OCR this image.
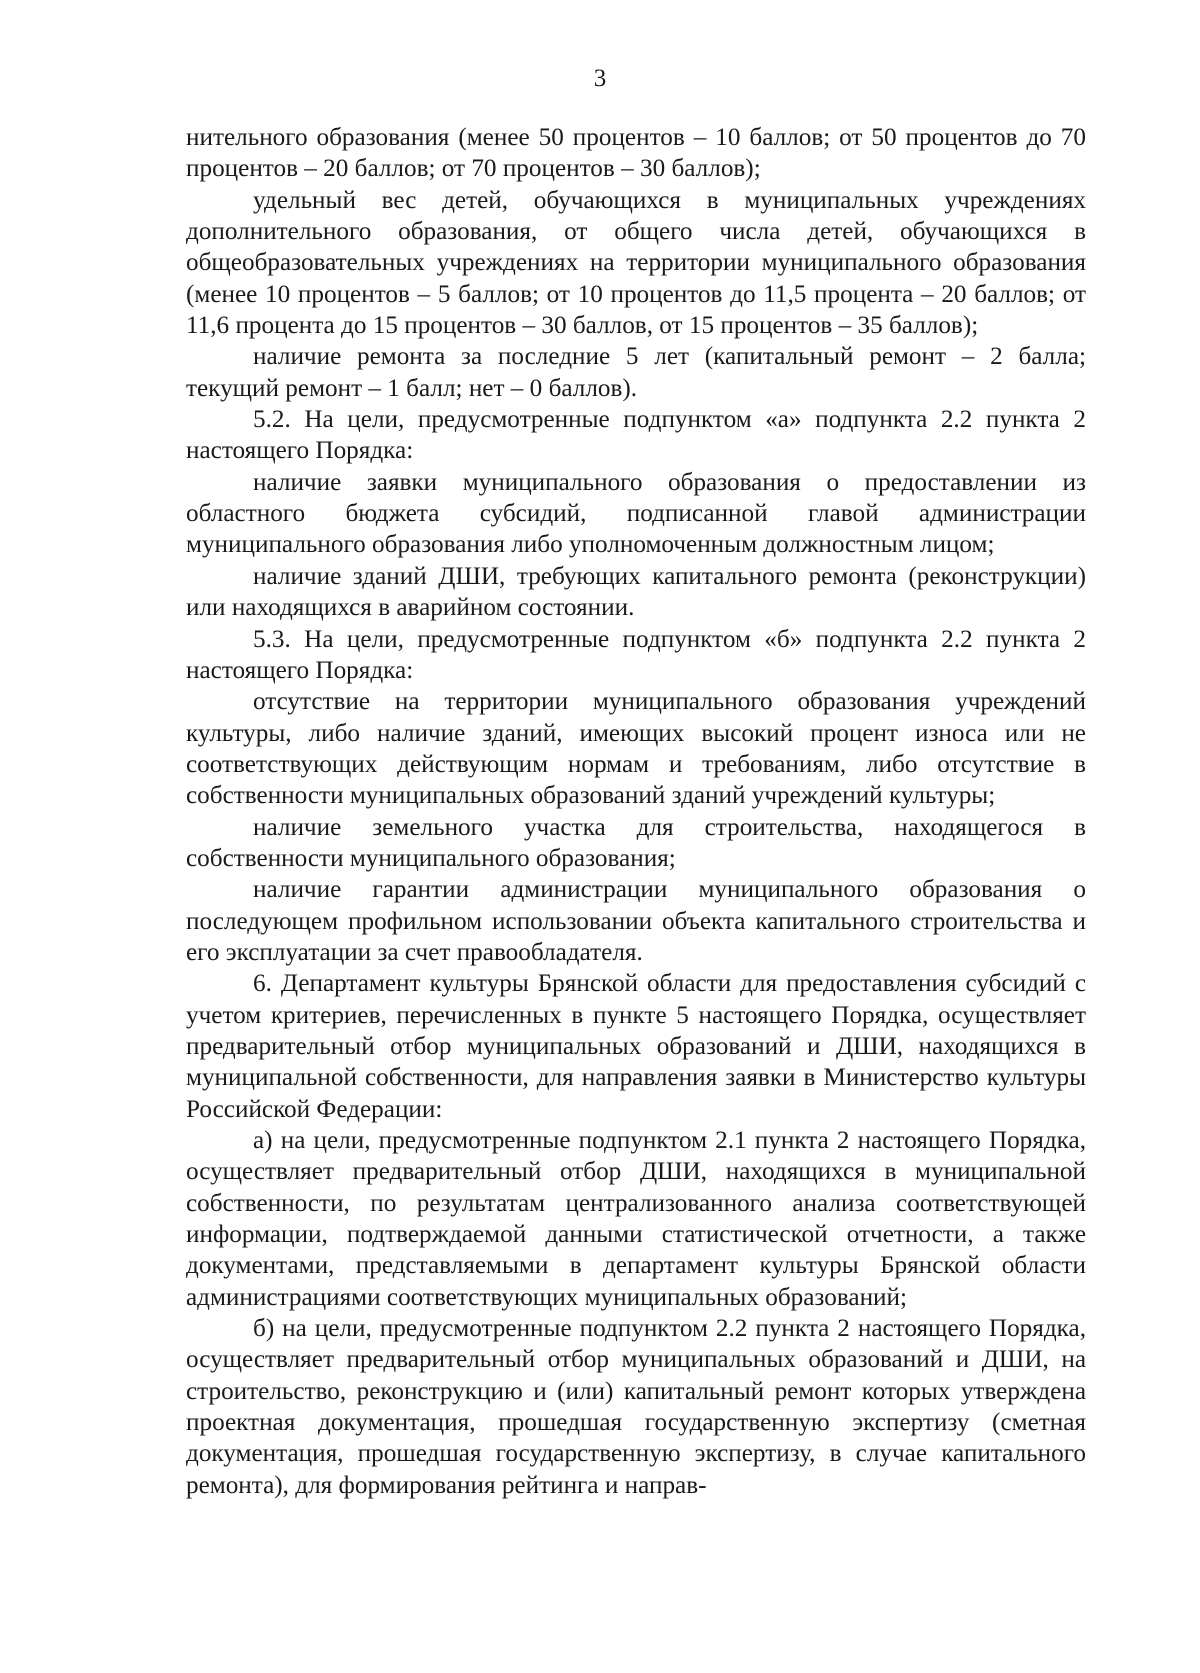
3

нительного образования (менее 50 процентов – 10 баллов; от 50 процентов до 70 процентов – 20 баллов; от 70 процентов – 30 баллов);

удельный вес детей, обучающихся в муниципальных учреждениях дополнительного образования, от общего числа детей, обучающихся в общеобразовательных учреждениях на территории муниципального образования (менее 10 процентов – 5 баллов; от 10 процентов до 11,5 процента – 20 баллов; от 11,6 процента до 15 процентов – 30 баллов, от 15 процентов – 35 баллов);

наличие ремонта за последние 5 лет (капитальный ремонт – 2 балла; текущий ремонт – 1 балл; нет – 0 баллов).

5.2. На цели, предусмотренные подпунктом «а» подпункта 2.2 пункта 2 настоящего Порядка:

наличие заявки муниципального образования о предоставлении из областного бюджета субсидий, подписанной главой администрации муниципального образования либо уполномоченным должностным лицом;

наличие зданий ДШИ, требующих капитального ремонта (реконструкции) или находящихся в аварийном состоянии.

5.3. На цели, предусмотренные подпунктом «б» подпункта 2.2 пункта 2 настоящего Порядка:

отсутствие на территории муниципального образования учреждений культуры, либо наличие зданий, имеющих высокий процент износа или не соответствующих действующим нормам и требованиям, либо отсутствие в собственности муниципальных образований зданий учреждений культуры;

наличие земельного участка для строительства, находящегося в собственности муниципального образования;

наличие гарантии администрации муниципального образования о последующем профильном использовании объекта капитального строительства и его эксплуатации за счет правообладателя.

6. Департамент культуры Брянской области для предоставления субсидий с учетом критериев, перечисленных в пункте 5 настоящего Порядка, осуществляет предварительный отбор муниципальных образований и ДШИ, находящихся в муниципальной собственности, для направления заявки в Министерство культуры Российской Федерации:

а) на цели, предусмотренные подпунктом 2.1 пункта 2 настоящего Порядка, осуществляет предварительный отбор ДШИ, находящихся в муниципальной собственности, по результатам централизованного анализа соответствующей информации, подтверждаемой данными статистической отчетности, а также документами, представляемыми в департамент культуры Брянской области администрациями соответствующих муниципальных образований;

б) на цели, предусмотренные подпунктом 2.2 пункта 2 настоящего Порядка, осуществляет предварительный отбор муниципальных образований и ДШИ, на строительство, реконструкцию и (или) капитальный ремонт которых утверждена проектная документация, прошедшая государственную экспертизу (сметная документация, прошедшая государственную экспертизу, в случае капитального ремонта), для формирования рейтинга и направ-
